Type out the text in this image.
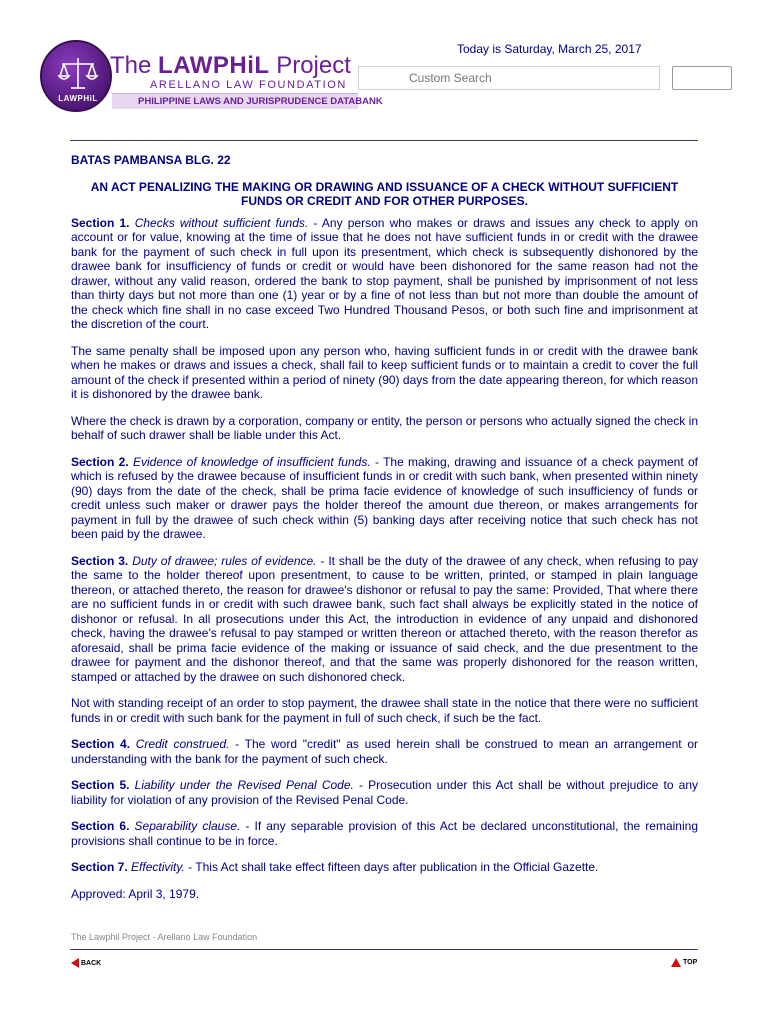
LAWPHiL
The LAWPHiL Project
ARELLANO LAW FOUNDATION
PHILIPPINE LAWS AND JURISPRUDENCE DATABANK
Today is Saturday, March 25, 2017
Custom Search
BATAS PAMBANSA BLG. 22
AN ACT PENALIZING THE MAKING OR DRAWING AND ISSUANCE OF A CHECK WITHOUT SUFFICIENT FUNDS OR CREDIT AND FOR OTHER PURPOSES.
Section 1. Checks without sufficient funds. - Any person who makes or draws and issues any check to apply on account or for value, knowing at the time of issue that he does not have sufficient funds in or credit with the drawee bank for the payment of such check in full upon its presentment, which check is subsequently dishonored by the drawee bank for insufficiency of funds or credit or would have been dishonored for the same reason had not the drawer, without any valid reason, ordered the bank to stop payment, shall be punished by imprisonment of not less than thirty days but not more than one (1) year or by a fine of not less than but not more than double the amount of the check which fine shall in no case exceed Two Hundred Thousand Pesos, or both such fine and imprisonment at the discretion of the court.
The same penalty shall be imposed upon any person who, having sufficient funds in or credit with the drawee bank when he makes or draws and issues a check, shall fail to keep sufficient funds or to maintain a credit to cover the full amount of the check if presented within a period of ninety (90) days from the date appearing thereon, for which reason it is dishonored by the drawee bank.
Where the check is drawn by a corporation, company or entity, the person or persons who actually signed the check in behalf of such drawer shall be liable under this Act.
Section 2. Evidence of knowledge of insufficient funds. - The making, drawing and issuance of a check payment of which is refused by the drawee because of insufficient funds in or credit with such bank, when presented within ninety (90) days from the date of the check, shall be prima facie evidence of knowledge of such insufficiency of funds or credit unless such maker or drawer pays the holder thereof the amount due thereon, or makes arrangements for payment in full by the drawee of such check within (5) banking days after receiving notice that such check has not been paid by the drawee.
Section 3. Duty of drawee; rules of evidence. - It shall be the duty of the drawee of any check, when refusing to pay the same to the holder thereof upon presentment, to cause to be written, printed, or stamped in plain language thereon, or attached thereto, the reason for drawee's dishonor or refusal to pay the same: Provided, That where there are no sufficient funds in or credit with such drawee bank, such fact shall always be explicitly stated in the notice of dishonor or refusal. In all prosecutions under this Act, the introduction in evidence of any unpaid and dishonored check, having the drawee's refusal to pay stamped or written thereon or attached thereto, with the reason therefor as aforesaid, shall be prima facie evidence of the making or issuance of said check, and the due presentment to the drawee for payment and the dishonor thereof, and that the same was properly dishonored for the reason written, stamped or attached by the drawee on such dishonored check.
Not with standing receipt of an order to stop payment, the drawee shall state in the notice that there were no sufficient funds in or credit with such bank for the payment in full of such check, if such be the fact.
Section 4. Credit construed. - The word "credit" as used herein shall be construed to mean an arrangement or understanding with the bank for the payment of such check.
Section 5. Liability under the Revised Penal Code. - Prosecution under this Act shall be without prejudice to any liability for violation of any provision of the Revised Penal Code.
Section 6. Separability clause. - If any separable provision of this Act be declared unconstitutional, the remaining provisions shall continue to be in force.
Section 7. Effectivity. - This Act shall take effect fifteen days after publication in the Official Gazette.
Approved: April 3, 1979.
The Lawphil Project - Arellano Law Foundation
BACK	TOP
